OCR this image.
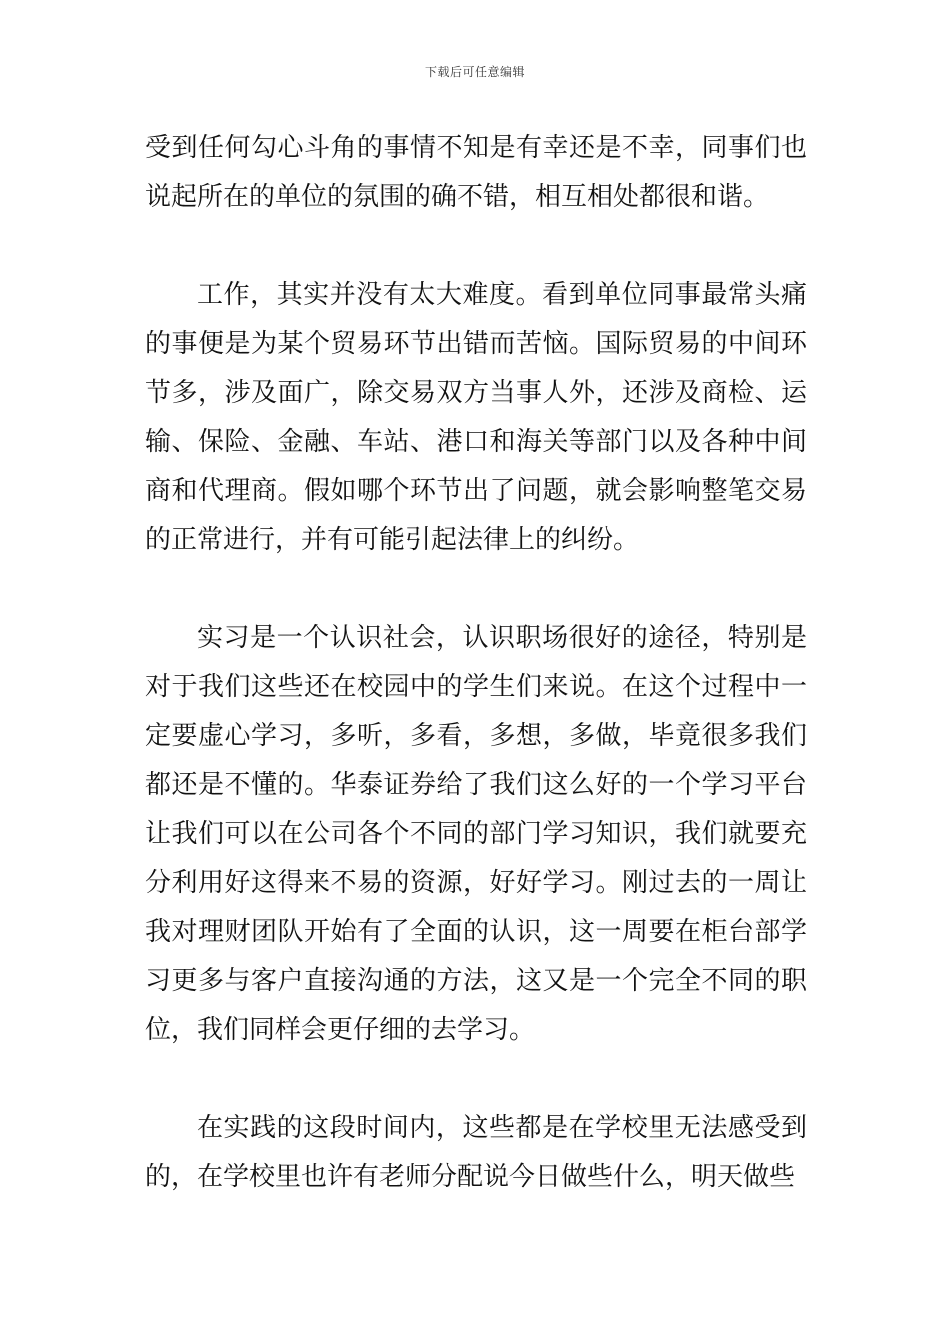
下载后可任意编辑

受到任何勾心斗角的事情不知是有幸还是不幸，同事们也说起所在的单位的氛围的确不错，相互相处都很和谐。

工作，其实并没有太大难度。看到单位同事最常头痛的事便是为某个贸易环节出错而苦恼。国际贸易的中间环节多，涉及面广，除交易双方当事人外，还涉及商检、运输、保险、金融、车站、港口和海关等部门以及各种中间商和代理商。假如哪个环节出了问题，就会影响整笔交易的正常进行，并有可能引起法律上的纠纷。

实习是一个认识社会，认识职场很好的途径，特别是对于我们这些还在校园中的学生们来说。在这个过程中一定要虚心学习，多听，多看，多想，多做，毕竟很多我们都还是不懂的。华泰证券给了我们这么好的一个学习平台让我们可以在公司各个不同的部门学习知识，我们就要充分利用好这得来不易的资源，好好学习。刚过去的一周让我对理财团队开始有了全面的认识，这一周要在柜台部学习更多与客户直接沟通的方法，这又是一个完全不同的职位，我们同样会更仔细的去学习。

在实践的这段时间内，这些都是在学校里无法感受到的，在学校里也许有老师分配说今日做些什么，明天做些
